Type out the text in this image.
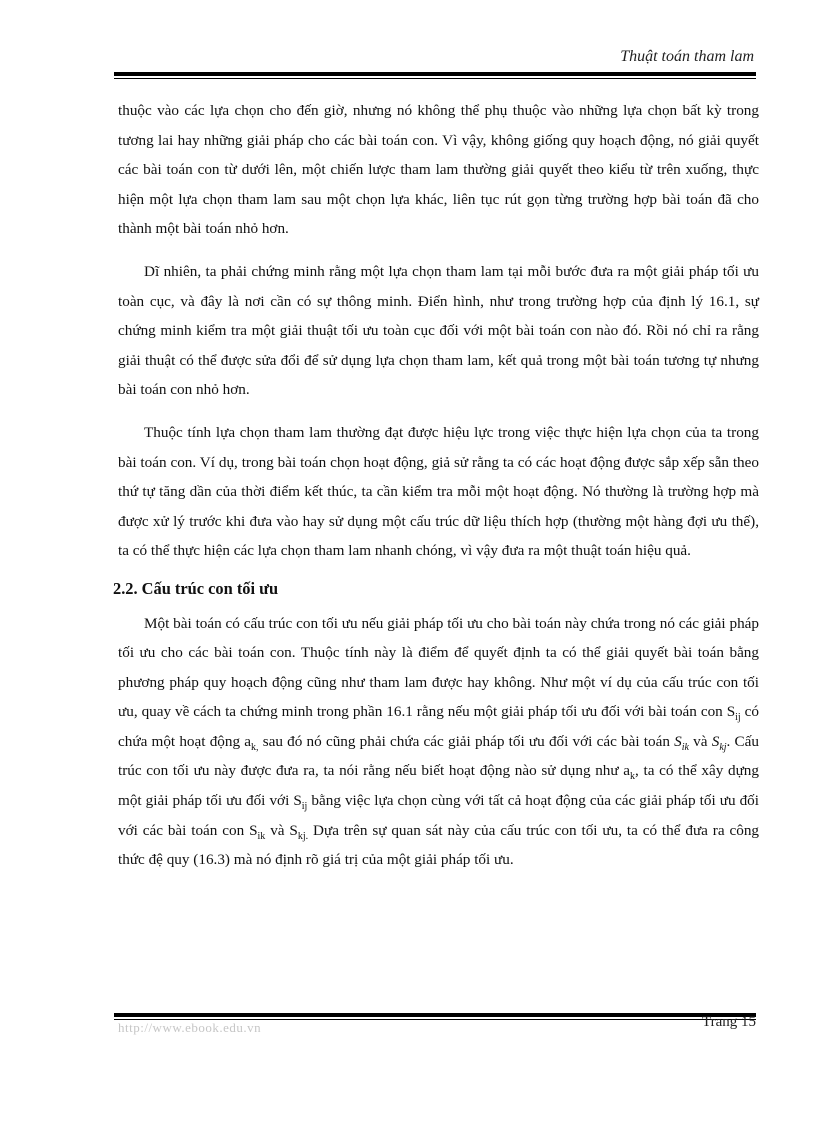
Thuật toán tham lam

thuộc vào các lựa chọn cho đến giờ, nhưng nó không thể phụ thuộc vào những lựa chọn bất kỳ trong tương lai hay những giải pháp cho các bài toán con. Vì vậy, không giống quy hoạch động, nó giải quyết các bài toán con từ dưới lên, một chiến lược tham lam thường giải quyết theo kiểu từ trên xuống, thực hiện một lựa chọn tham lam sau một chọn lựa khác, liên tục rút gọn từng trường hợp bài toán đã cho thành một bài toán nhỏ hơn.

Dĩ nhiên, ta phải chứng minh rằng một lựa chọn tham lam tại mỗi bước đưa ra một giải pháp tối ưu toàn cục, và đây là nơi cần có sự thông minh. Điển hình, như trong trường hợp của định lý 16.1, sự chứng minh kiểm tra một giải thuật tối ưu toàn cục đối với một bài toán con nào đó. Rồi nó chỉ ra rằng giải thuật có thể được sửa đổi để sử dụng lựa chọn tham lam, kết quả trong một bài toán tương tự nhưng bài toán con nhỏ hơn.

Thuộc tính lựa chọn tham lam thường đạt được hiệu lực trong việc thực hiện lựa chọn của ta trong bài toán con. Ví dụ, trong bài toán chọn hoạt động, giả sử rằng ta có các hoạt động được sắp xếp sẵn theo thứ tự tăng dần của thời điểm kết thúc, ta cần kiểm tra mỗi một hoạt động. Nó thường là trường hợp mà được xử lý trước khi đưa vào hay sử dụng một cấu trúc dữ liệu thích hợp (thường một hàng đợi ưu thế), ta có thể thực hiện các lựa chọn tham lam nhanh chóng, vì vậy đưa ra một thuật toán hiệu quả.

2.2. Cấu trúc con tối ưu

Một bài toán có cấu trúc con tối ưu nếu giải pháp tối ưu cho bài toán này chứa trong nó các giải pháp tối ưu cho các bài toán con. Thuộc tính này là điểm để quyết định ta có thể giải quyết bài toán bằng phương pháp quy hoạch động cũng như tham lam được hay không. Như một ví dụ của cấu trúc con tối ưu, quay về cách ta chứng minh trong phần 16.1 rằng nếu một giải pháp tối ưu đối với bài toán con $S_{ij}$ có chứa một hoạt động $a_{k,}$ sau đó nó cũng phải chứa các giải pháp tối ưu đối với các bài toán $S_{ik}$ và $S_{kj}$. Cấu trúc con tối ưu này được đưa ra, ta nói rằng nếu biết hoạt động nào sử dụng như $a_k$, ta có thể xây dựng một giải pháp tối ưu đối với $S_{ij}$ bằng việc lựa chọn cùng với tất cả hoạt động của các giải pháp tối ưu đối với các bài toán con $S_{ik}$ và $S_{kj.}$ Dựa trên sự quan sát này của cấu trúc con tối ưu, ta có thể đưa ra công thức đệ quy (16.3) mà nó định rõ giá trị của một giải pháp tối ưu.

http://www.ebook.edu.vn	Trang 15
